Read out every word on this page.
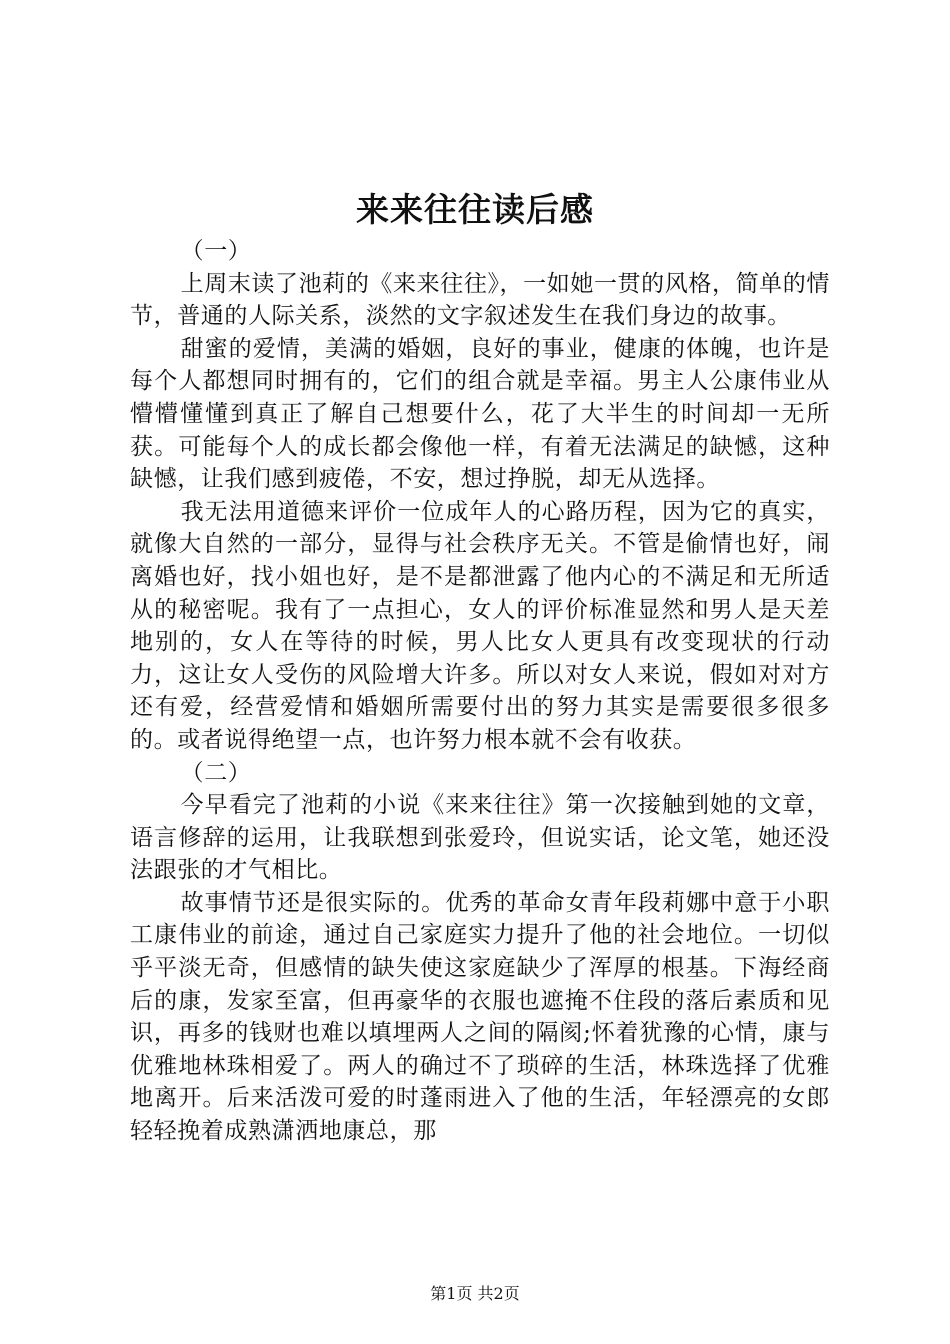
来来往往读后感

（一）

上周末读了池莉的《来来往往》，一如她一贯的风格，简单的情节，普通的人际关系，淡然的文字叙述发生在我们身边的故事。

甜蜜的爱情，美满的婚姻，良好的事业，健康的体魄，也许是每个人都想同时拥有的，它们的组合就是幸福。男主人公康伟业从懵懵懂懂到真正了解自己想要什么，花了大半生的时间却一无所获。可能每个人的成长都会像他一样，有着无法满足的缺憾，这种缺憾，让我们感到疲倦，不安，想过挣脱，却无从选择。

我无法用道德来评价一位成年人的心路历程，因为它的真实，就像大自然的一部分，显得与社会秩序无关。不管是偷情也好，闹离婚也好，找小姐也好，是不是都泄露了他内心的不满足和无所适从的秘密呢。我有了一点担心，女人的评价标准显然和男人是天差地别的，女人在等待的时候，男人比女人更具有改变现状的行动力，这让女人受伤的风险增大许多。所以对女人来说，假如对对方还有爱，经营爱情和婚姻所需要付出的努力其实是需要很多很多的。或者说得绝望一点，也许努力根本就不会有收获。

（二）

今早看完了池莉的小说《来来往往》第一次接触到她的文章，语言修辞的运用，让我联想到张爱玲，但说实话，论文笔，她还没法跟张的才气相比。

故事情节还是很实际的。优秀的革命女青年段莉娜中意于小职工康伟业的前途，通过自己家庭实力提升了他的社会地位。一切似乎平淡无奇，但感情的缺失使这家庭缺少了浑厚的根基。下海经商后的康，发家至富，但再豪华的衣服也遮掩不住段的落后素质和见识，再多的钱财也难以填埋两人之间的隔阂;怀着犹豫的心情，康与优雅地林珠相爱了。两人的确过不了琐碎的生活，林珠选择了优雅地离开。后来活泼可爱的时蓬雨进入了他的生活，年轻漂亮的女郎轻轻挽着成熟潇洒地康总，那

第1页 共2页
